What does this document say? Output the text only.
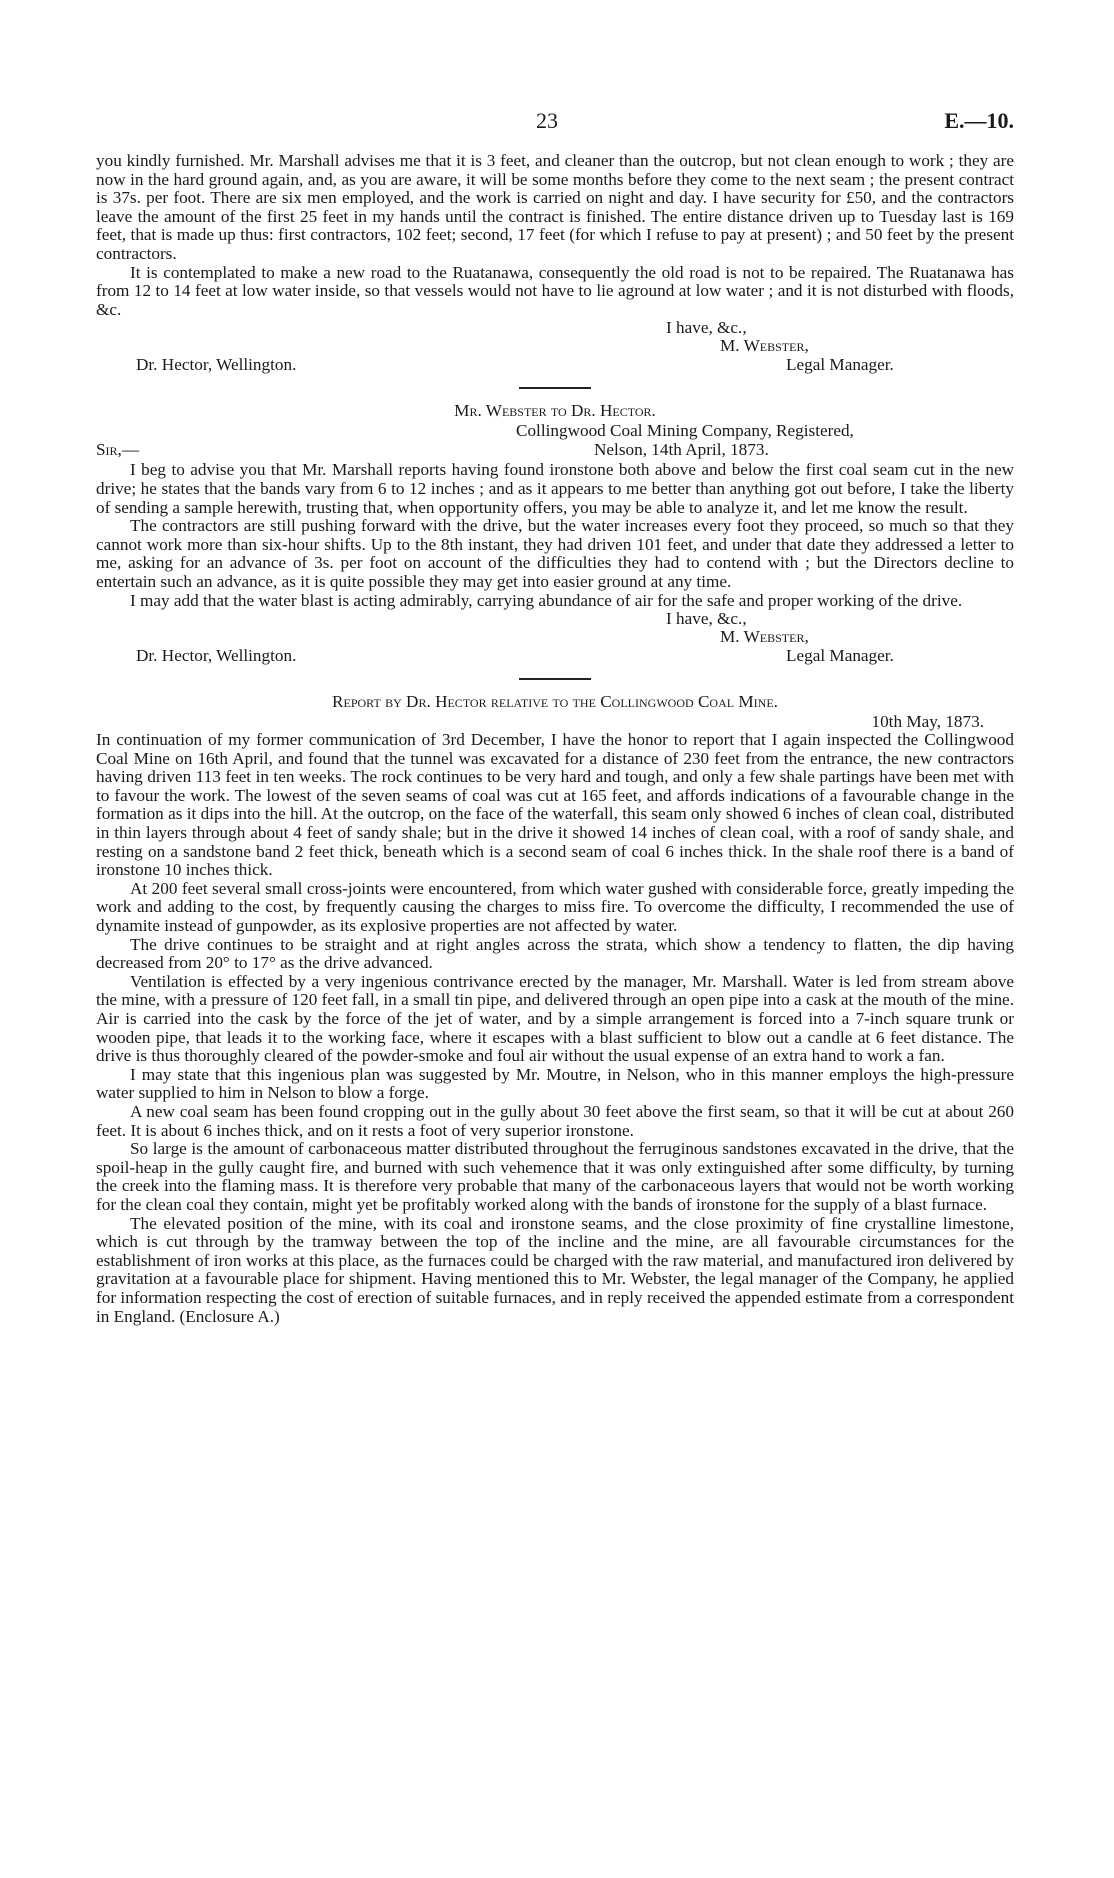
23	E.—10.

you kindly furnished. Mr. Marshall advises me that it is 3 feet, and cleaner than the outcrop, but not clean enough to work ; they are now in the hard ground again, and, as you are aware, it will be some months before they come to the next seam ; the present contract is 37s. per foot. There are six men employed, and the work is carried on night and day. I have security for £50, and the contractors leave the amount of the first 25 feet in my hands until the contract is finished. The entire distance driven up to Tuesday last is 169 feet, that is made up thus: first contractors, 102 feet; second, 17 feet (for which I refuse to pay at present) ; and 50 feet by the present contractors.

It is contemplated to make a new road to the Ruatanawa, consequently the old road is not to be repaired. The Ruatanawa has from 12 to 14 feet at low water inside, so that vessels would not have to lie aground at low water ; and it is not disturbed with floods, &c.

I have, &c.,
M. Webster,
Dr. Hector, Wellington.	Legal Manager.
Mr. Webster to Dr. Hector.
Collingwood Coal Mining Company, Registered,
Sir,—	Nelson, 14th April, 1873.

I beg to advise you that Mr. Marshall reports having found ironstone both above and below the first coal seam cut in the new drive; he states that the bands vary from 6 to 12 inches ; and as it appears to me better than anything got out before, I take the liberty of sending a sample herewith, trusting that, when opportunity offers, you may be able to analyze it, and let me know the result.

The contractors are still pushing forward with the drive, but the water increases every foot they proceed, so much so that they cannot work more than six-hour shifts. Up to the 8th instant, they had driven 101 feet, and under that date they addressed a letter to me, asking for an advance of 3s. per foot on account of the difficulties they had to contend with ; but the Directors decline to entertain such an advance, as it is quite possible they may get into easier ground at any time.

I may add that the water blast is acting admirably, carrying abundance of air for the safe and proper working of the drive.

I have, &c.,
M. Webster,
Dr. Hector, Wellington.	Legal Manager.
Report by Dr. Hector relative to the Collingwood Coal Mine.
10th May, 1873.

In continuation of my former communication of 3rd December, I have the honor to report that I again inspected the Collingwood Coal Mine on 16th April, and found that the tunnel was excavated for a distance of 230 feet from the entrance, the new contractors having driven 113 feet in ten weeks. The rock continues to be very hard and tough, and only a few shale partings have been met with to favour the work. The lowest of the seven seams of coal was cut at 165 feet, and affords indications of a favourable change in the formation as it dips into the hill. At the outcrop, on the face of the waterfall, this seam only showed 6 inches of clean coal, distributed in thin layers through about 4 feet of sandy shale; but in the drive it showed 14 inches of clean coal, with a roof of sandy shale, and resting on a sandstone band 2 feet thick, beneath which is a second seam of coal 6 inches thick. In the shale roof there is a band of ironstone 10 inches thick.

At 200 feet several small cross-joints were encountered, from which water gushed with considerable force, greatly impeding the work and adding to the cost, by frequently causing the charges to miss fire. To overcome the difficulty, I recommended the use of dynamite instead of gunpowder, as its explosive properties are not affected by water.

The drive continues to be straight and at right angles across the strata, which show a tendency to flatten, the dip having decreased from 20° to 17° as the drive advanced.

Ventilation is effected by a very ingenious contrivance erected by the manager, Mr. Marshall. Water is led from stream above the mine, with a pressure of 120 feet fall, in a small tin pipe, and delivered through an open pipe into a cask at the mouth of the mine. Air is carried into the cask by the force of the jet of water, and by a simple arrangement is forced into a 7-inch square trunk or wooden pipe, that leads it to the working face, where it escapes with a blast sufficient to blow out a candle at 6 feet distance. The drive is thus thoroughly cleared of the powder-smoke and foul air without the usual expense of an extra hand to work a fan.

I may state that this ingenious plan was suggested by Mr. Moutre, in Nelson, who in this manner employs the high-pressure water supplied to him in Nelson to blow a forge.

A new coal seam has been found cropping out in the gully about 30 feet above the first seam, so that it will be cut at about 260 feet. It is about 6 inches thick, and on it rests a foot of very superior ironstone.

So large is the amount of carbonaceous matter distributed throughout the ferruginous sandstones excavated in the drive, that the spoil-heap in the gully caught fire, and burned with such vehemence that it was only extinguished after some difficulty, by turning the creek into the flaming mass. It is therefore very probable that many of the carbonaceous layers that would not be worth working for the clean coal they contain, might yet be profitably worked along with the bands of ironstone for the supply of a blast furnace.

The elevated position of the mine, with its coal and ironstone seams, and the close proximity of fine crystalline limestone, which is cut through by the tramway between the top of the incline and the mine, are all favourable circumstances for the establishment of iron works at this place, as the furnaces could be charged with the raw material, and manufactured iron delivered by gravitation at a favourable place for shipment. Having mentioned this to Mr. Webster, the legal manager of the Company, he applied for information respecting the cost of erection of suitable furnaces, and in reply received the appended estimate from a correspondent in England. (Enclosure A.)
